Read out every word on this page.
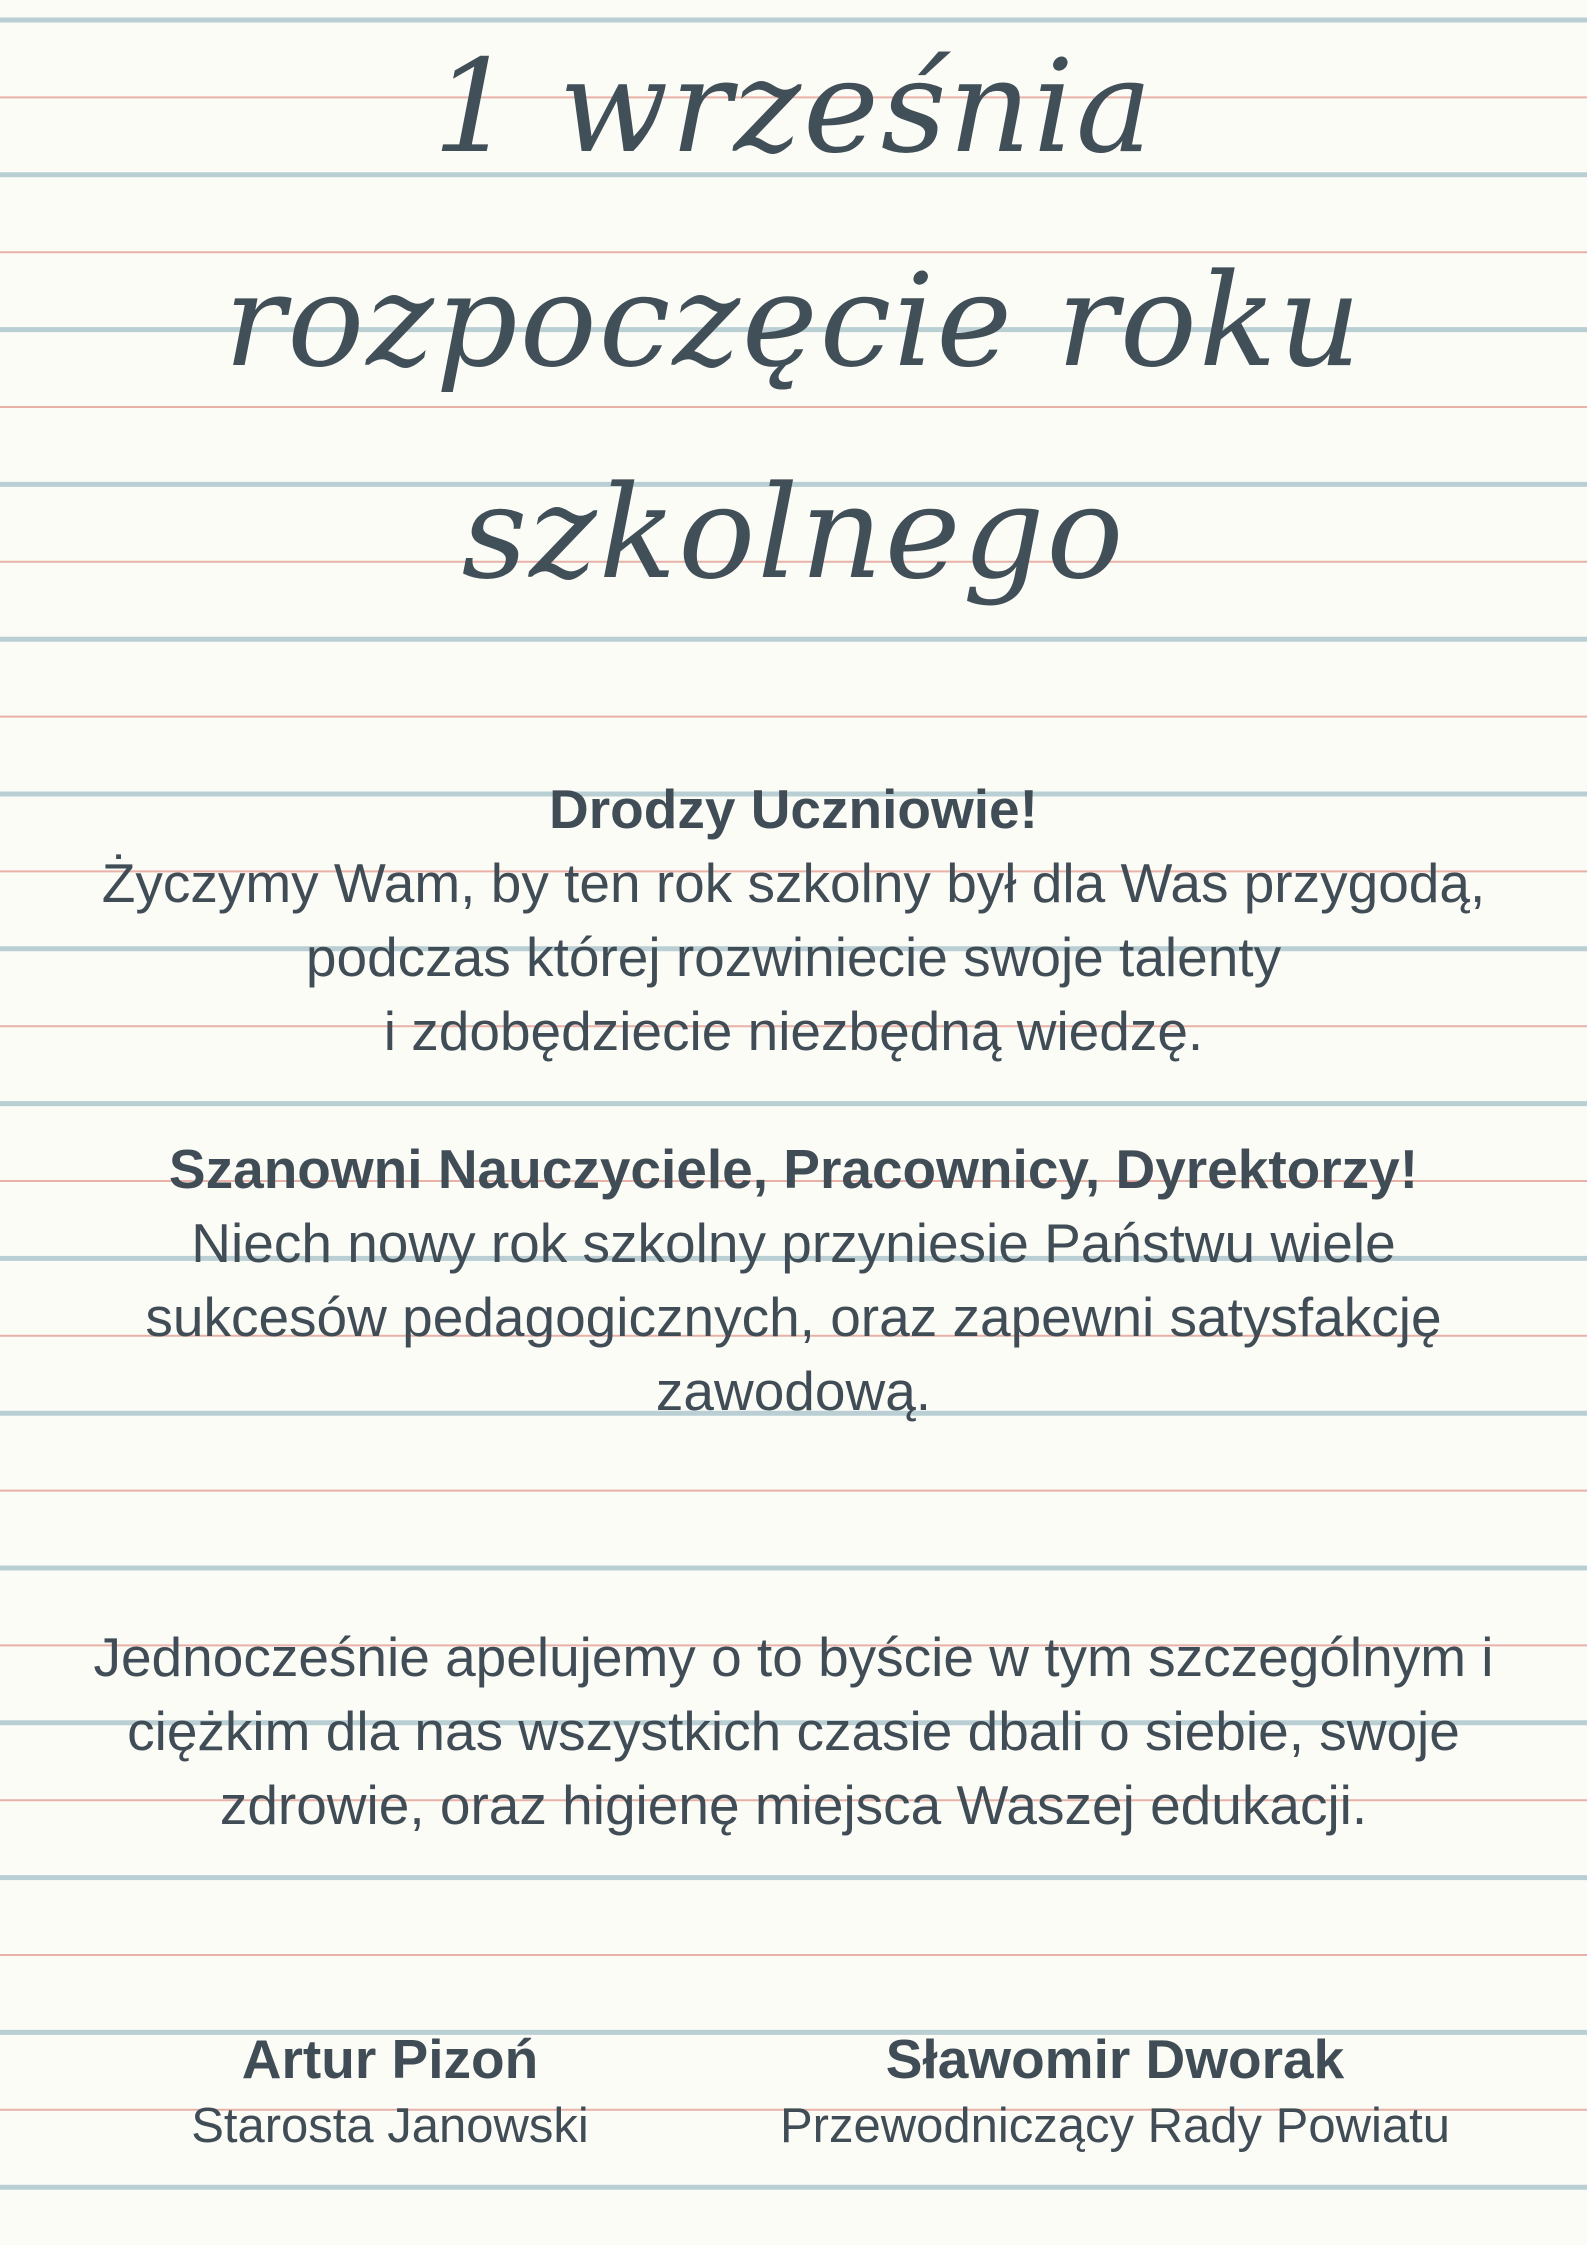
1 września
rozpoczęcie roku
szkolnego
Drodzy Uczniowie!
Życzymy Wam, by ten rok szkolny był dla Was przygodą,
podczas której rozwiniecie swoje talenty
i zdobędziecie niezbędną wiedzę.
Szanowni Nauczyciele, Pracownicy, Dyrektorzy!
Niech nowy rok szkolny przyniesie Państwu wiele
sukcesów pedagogicznych, oraz zapewni satysfakcję
zawodową.
Jednocześnie apelujemy o to byście w tym szczególnym i
ciężkim dla nas wszystkich czasie dbali o siebie, swoje
zdrowie, oraz higienę miejsca Waszej edukacji.
Artur Pizoń
Starosta Janowski
Sławomir Dworak
Przewodniczący Rady Powiatu
